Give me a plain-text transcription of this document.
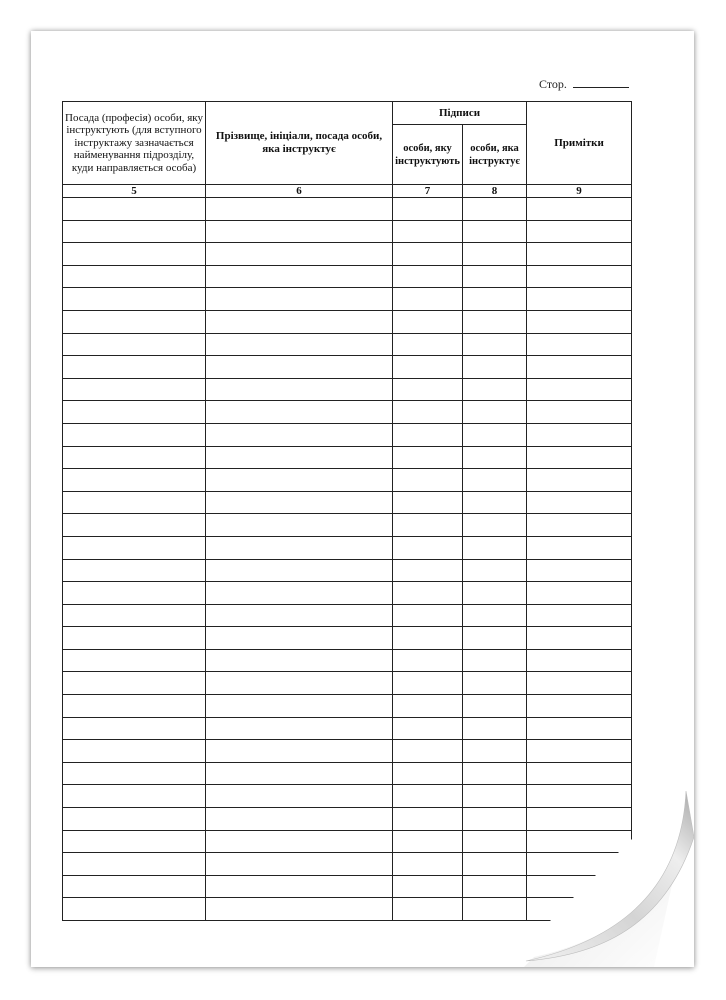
Стор.
Посада (професія) особи, яку інструктують (для вступного інструктажу зазначається найменування підрозділу, куди направляється особа)	Прізвище, ініціали, посада особи, яка інструктує	Підписи		Примітки
		особи, яку інструктують	особи, яка інструктує	
5	6	7	8	9
